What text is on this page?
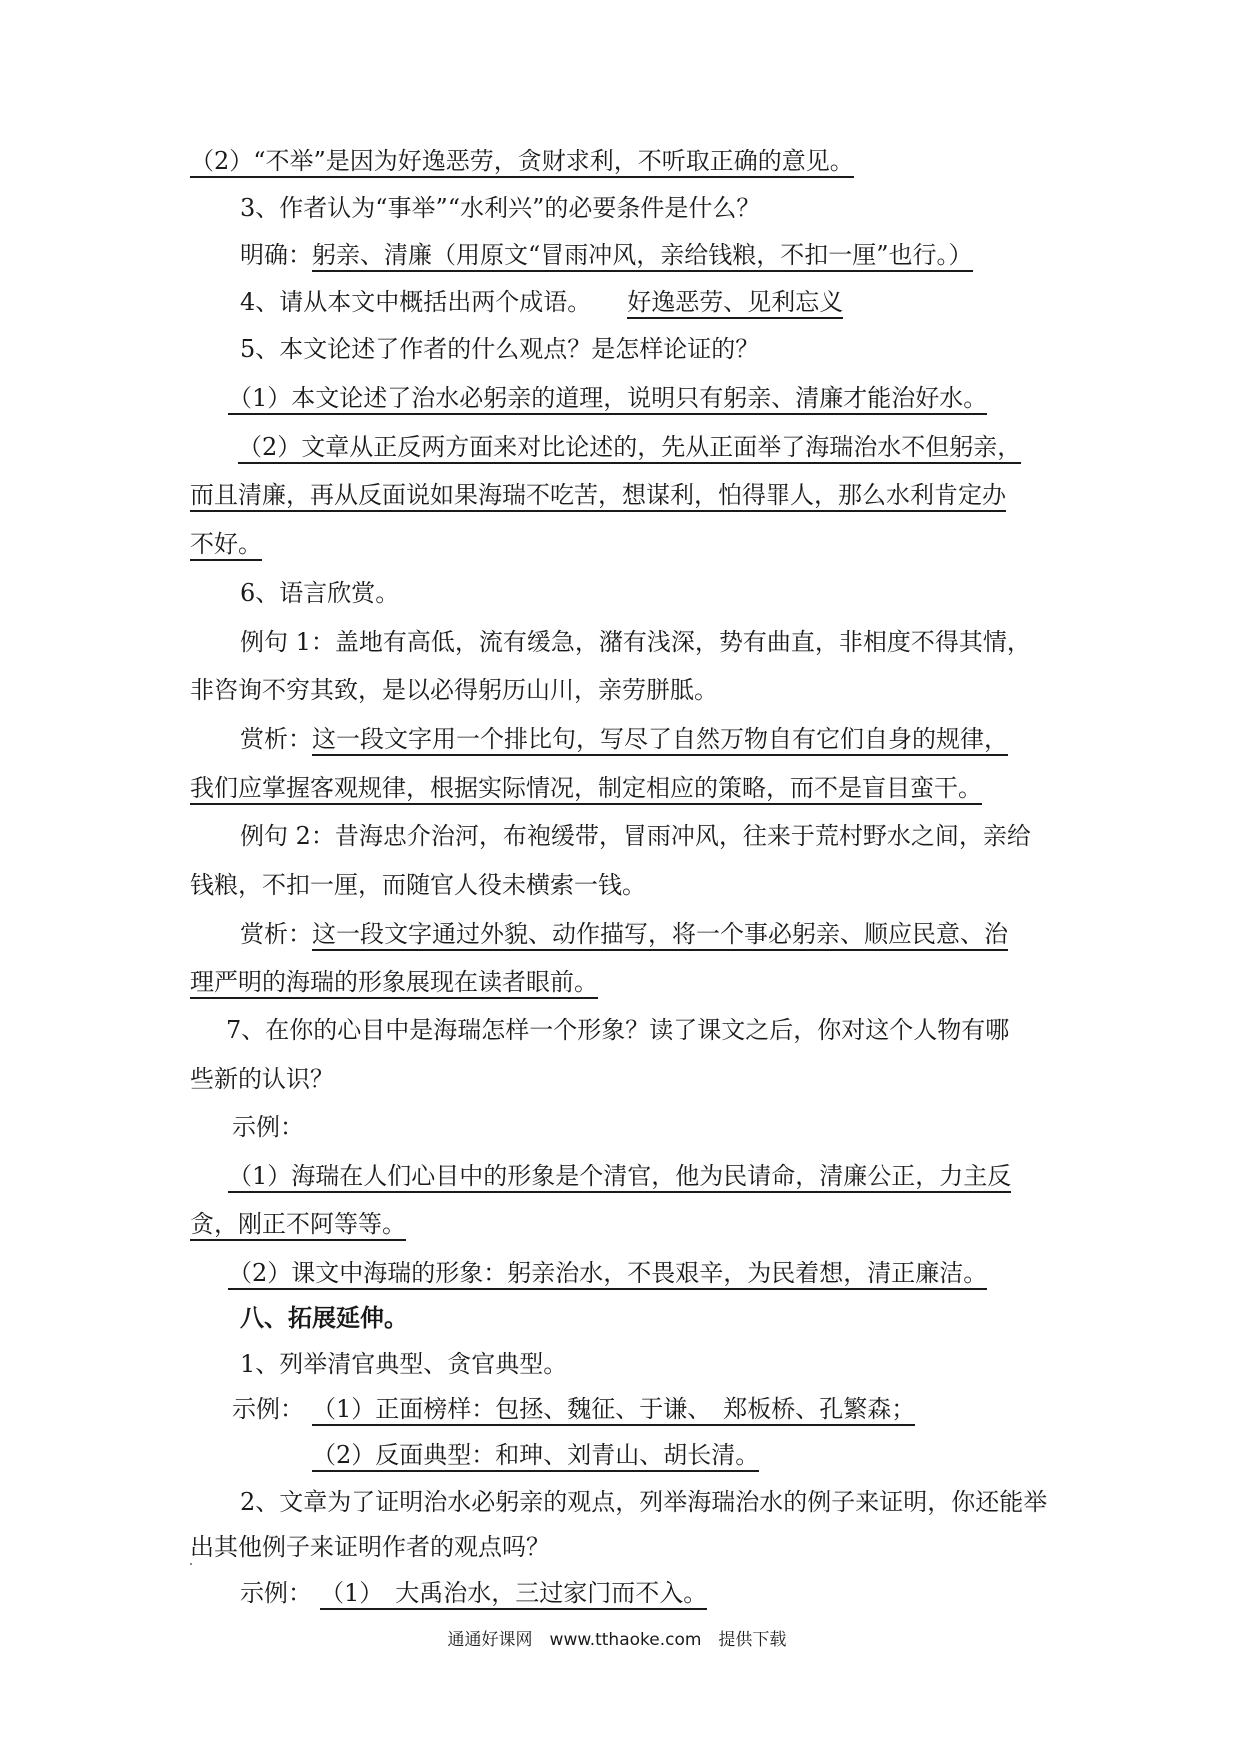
（2）“不举”是因为好逸恶劳，贪财求利，不听取正确的意见。
3、作者认为“事举”“水利兴”的必要条件是什么？
明确：躬亲、清廉（用原文“冒雨冲风，亲给钱粮，不扣一厘”也行。）
4、请从本文中概括出两个成语。 好逸恶劳、见利忘义
5、本文论述了作者的什么观点？是怎样论证的？
（1）本文论述了治水必躬亲的道理，说明只有躬亲、清廉才能治好水。
（2）文章从正反两方面来对比论述的，先从正面举了海瑞治水不但躬亲，
而且清廉，再从反面说如果海瑞不吃苦，想谋利，怕得罪人，那么水利肯定办
不好。
6、语言欣赏。
例句 1：盖地有高低，流有缓急，潴有浅深，势有曲直，非相度不得其情，
非咨询不穷其致，是以必得躬历山川，亲劳胼胝。
赏析：这一段文字用一个排比句，写尽了自然万物自有它们自身的规律，
我们应掌握客观规律，根据实际情况，制定相应的策略，而不是盲目蛮干。
例句 2：昔海忠介治河，布袍缓带，冒雨冲风，往来于荒村野水之间，亲给
钱粮，不扣一厘，而随官人役未横索一钱。
赏析：这一段文字通过外貌、动作描写，将一个事必躬亲、顺应民意、治
理严明的海瑞的形象展现在读者眼前。
7、在你的心目中是海瑞怎样一个形象？读了课文之后，你对这个人物有哪
些新的认识？
示例：
（1）海瑞在人们心目中的形象是个清官，他为民请命，清廉公正，力主反
贪，刚正不阿等等。
（2）课文中海瑞的形象：躬亲治水，不畏艰辛，为民着想，清正廉洁。
八、拓展延伸。
1、列举清官典型、贪官典型。
示例： （1）正面榜样：包拯、魏征、于谦、　郑板桥、孔繁森；
（2）反面典型：和珅、刘青山、胡长清。
2、文章为了证明治水必躬亲的观点，列举海瑞治水的例子来证明，你还能举
出其他例子来证明作者的观点吗？
示例： （1）　大禹治水，三过家门而不入。
通通好课网　www.tthaoke.com　提供下载
